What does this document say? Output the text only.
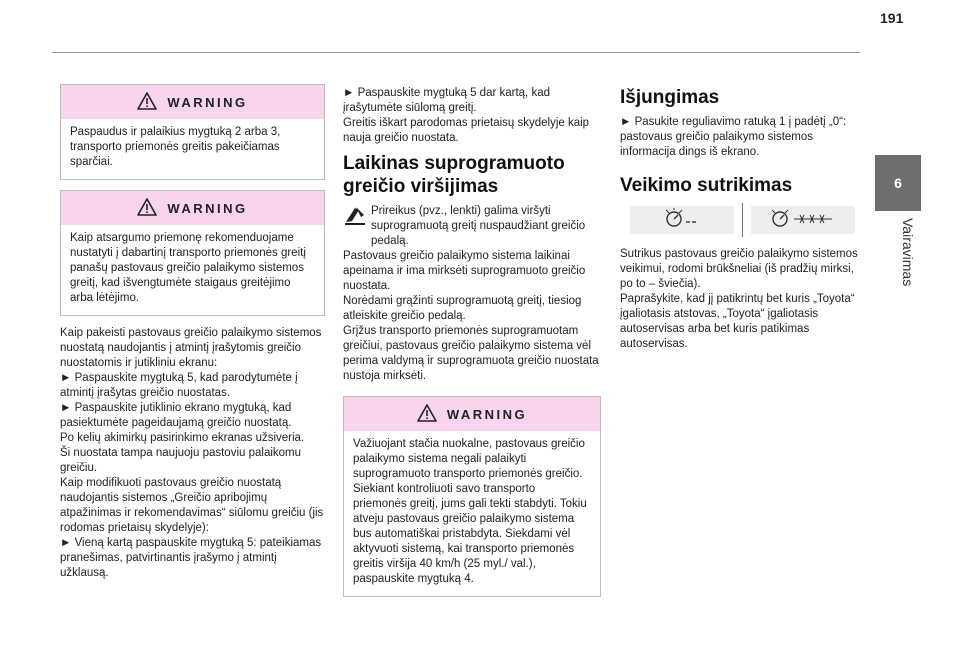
191
6
Vairavimas
WARNING
Paspaudus ir palaikius mygtuką 2 arba 3, transporto priemonės greitis pakeičiamas sparčiai.
WARNING
Kaip atsargumo priemonę rekomenduojame nustatyti į dabartinį transporto priemonės greitį panašų pastovaus greičio palaikymo sistemos greitį, kad išvengtumėte staigaus greitėjimo arba lėtėjimo.

Kaip pakeisti pastovaus greičio palaikymo sistemos nuostatą naudojantis į atmintį įrašytomis greičio nuostatomis ir jutikliniu ekranu:

► Paspauskite mygtuką 5, kad parodytumėte į atmintį įrašytas greičio nuostatas.

► Paspauskite jutiklinio ekrano mygtuką, kad pasiektumėte pageidaujamą greičio nuostatą.

Po kelių akimirkų pasirinkimo ekranas užsiveria.

Ši nuostata tampa naujuoju pastoviu palaikomu greičiu.

Kaip modifikuoti pastovaus greičio nuostatą naudojantis sistemos „Greičio apribojimų atpažinimas ir rekomendavimas“ siūlomu greičiu (jis rodomas prietaisų skydelyje):

► Vieną kartą paspauskite mygtuką 5: pateikiamas pranešimas, patvirtinantis įrašymo į atmintį užklausą.

► Paspauskite mygtuką 5 dar kartą, kad įrašytumėte siūlomą greitį.

Greitis iškart parodomas prietaisų skydelyje kaip nauja greičio nuostata.

Laikinas suprogramuoto greičio viršijimas
Prireikus (pvz., lenkti) galima viršyti suprogramuotą greitį nuspaudžiant greičio pedalą.

Pastovaus greičio palaikymo sistema laikinai apeinama ir ima mirksėti suprogramuoto greičio nuostata.

Norėdami grąžinti suprogramuotą greitį, tiesiog atleiskite greičio pedalą.

Grįžus transporto priemonės suprogramuotam greičiui, pastovaus greičio palaikymo sistema vėl perima valdymą ir suprogramuota greičio nuostata nustoja mirksėti.

WARNING
Važiuojant stačia nuokalne, pastovaus greičio palaikymo sistema negali palaikyti suprogramuoto transporto priemonės greičio. Siekiant kontroliuoti savo transporto priemonės greitį, jums gali tekti stabdyti. Tokiu atveju pastovaus greičio palaikymo sistema bus automatiškai pristabdyta. Siekdami vėl aktyvuoti sistemą, kai transporto priemonės greitis viršija 40 km/h (25 myl./ val.), paspauskite mygtuką 4.
Išjungimas

► Pasukite reguliavimo ratuką 1 į padėtį „0“: pastovaus greičio palaikymo sistemos informacija dings iš ekrano.

Veikimo sutrikimas

Sutrikus pastovaus greičio palaikymo sistemos veikimui, rodomi brūkšneliai (iš pradžių mirksi, po to – šviečia).

Paprašykite, kad jį patikrintų bet kuris „Toyota“ įgaliotasis atstovas, „Toyota“ įgaliotasis autoservisas arba bet kuris patikimas autoservisas.
